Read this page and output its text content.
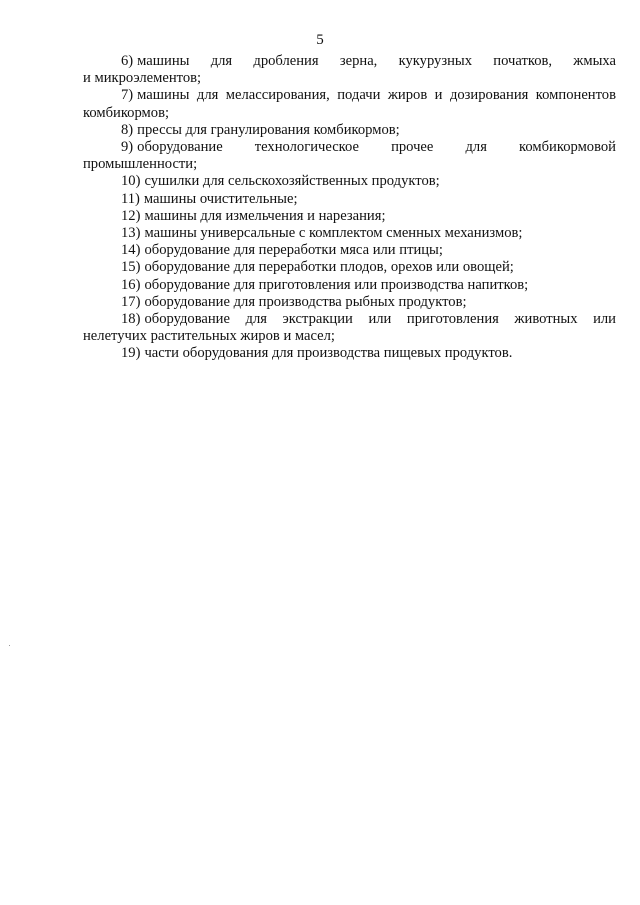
5
6) машины для дробления зерна, кукурузных початков, жмыха
и микроэлементов;
7) машины для мелассирования, подачи жиров и дозирования компонентов
комбикормов;
8) прессы для гранулирования комбикормов;
9) оборудование технологическое прочее для комбикормовой
промышленности;
10) сушилки для сельскохозяйственных продуктов;
11) машины очистительные;
12) машины для измельчения и нарезания;
13) машины универсальные с комплектом сменных механизмов;
14) оборудование для переработки мяса или птицы;
15) оборудование для переработки плодов, орехов или овощей;
16) оборудование для приготовления или производства напитков;
17) оборудование для производства рыбных продуктов;
18) оборудование для экстракции или приготовления животных или
нелетучих растительных жиров и масел;
19) части оборудования для производства пищевых продуктов.
